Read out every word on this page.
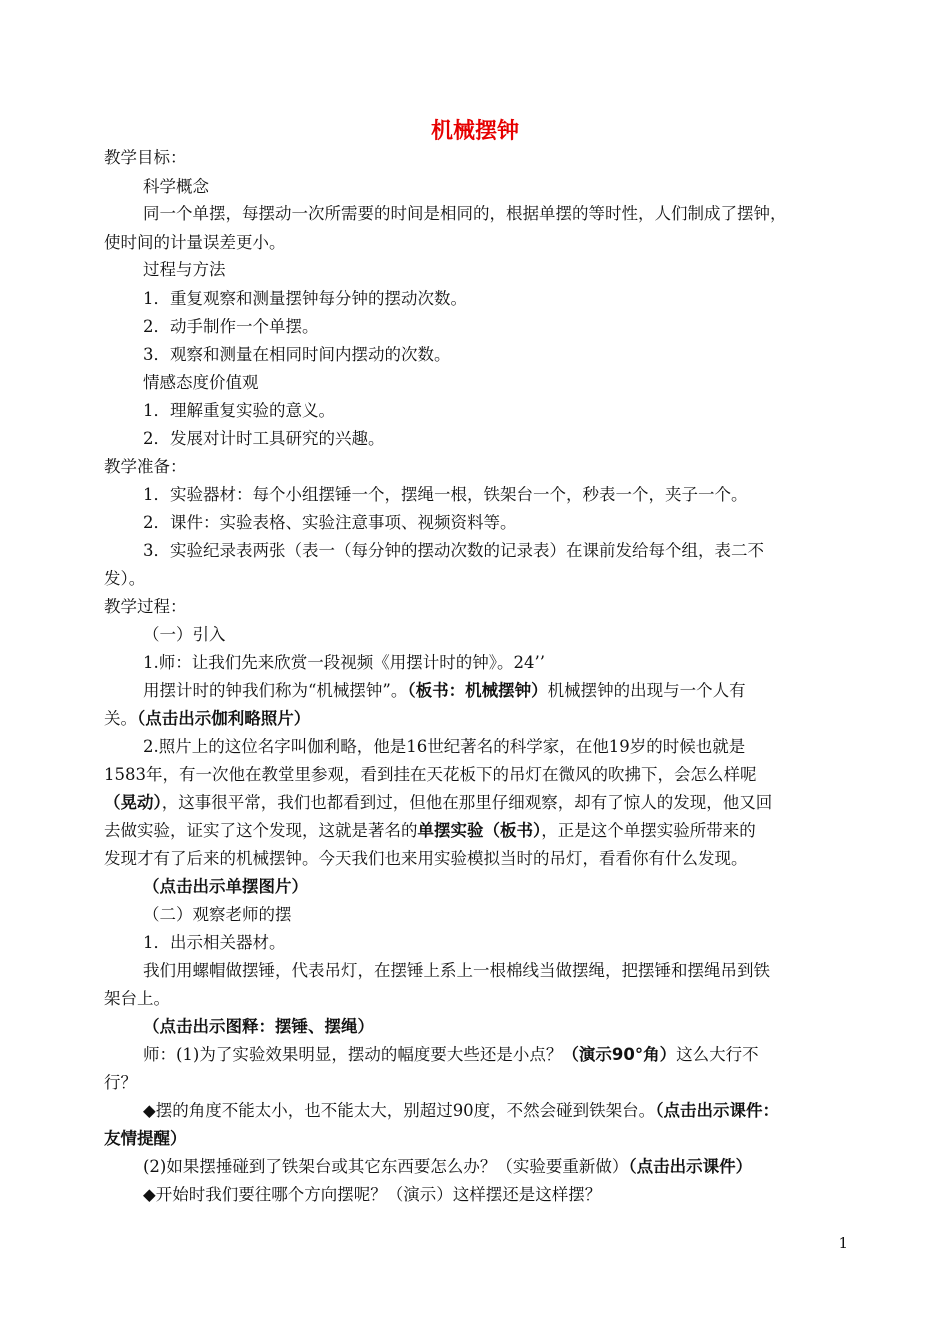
机械摆钟
教学目标：
科学概念
同一个单摆，每摆动一次所需要的时间是相同的，根据单摆的等时性，人们制成了摆钟，
使时间的计量误差更小。
过程与方法
1．重复观察和测量摆钟每分钟的摆动次数。
2．动手制作一个单摆。
3．观察和测量在相同时间内摆动的次数。
情感态度价值观
1．理解重复实验的意义。
2．发展对计时工具研究的兴趣。
教学准备：
1．实验器材：每个小组摆锤一个，摆绳一根，铁架台一个，秒表一个，夹子一个。
2．课件：实验表格、实验注意事项、视频资料等。
3．实验纪录表两张（表一（每分钟的摆动次数的记录表）在课前发给每个组，表二不
发）。
教学过程：
（一）引入
1.师：让我们先来欣赏一段视频《用摆计时的钟》。24’’
用摆计时的钟我们称为“机械摆钟”。（板书：机械摆钟）机械摆钟的出现与一个人有
关。（点击出示伽利略照片）
2.照片上的这位名字叫伽利略，他是16世纪著名的科学家，在他19岁的时候也就是
1583年，有一次他在教堂里参观，看到挂在天花板下的吊灯在微风的吹拂下，会怎么样呢
（晃动），这事很平常，我们也都看到过，但他在那里仔细观察，却有了惊人的发现，他又回
去做实验，证实了这个发现，这就是著名的单摆实验（板书），正是这个单摆实验所带来的
发现才有了后来的机械摆钟。今天我们也来用实验模拟当时的吊灯，看看你有什么发现。
（点击出示单摆图片）
（二）观察老师的摆
1．出示相关器材。
我们用螺帽做摆锤，代表吊灯，在摆锤上系上一根棉线当做摆绳，把摆锤和摆绳吊到铁
架台上。
（点击出示图释：摆锤、摆绳）
师：(1)为了实验效果明显，摆动的幅度要大些还是小点？（演示90°角）这么大行不
行？
◆摆的角度不能太小，也不能太大，别超过90度，不然会碰到铁架台。（点击出示课件：
友情提醒）
(2)如果摆捶碰到了铁架台或其它东西要怎么办？（实验要重新做）（点击出示课件）
◆开始时我们要往哪个方向摆呢？（演示）这样摆还是这样摆？
1
